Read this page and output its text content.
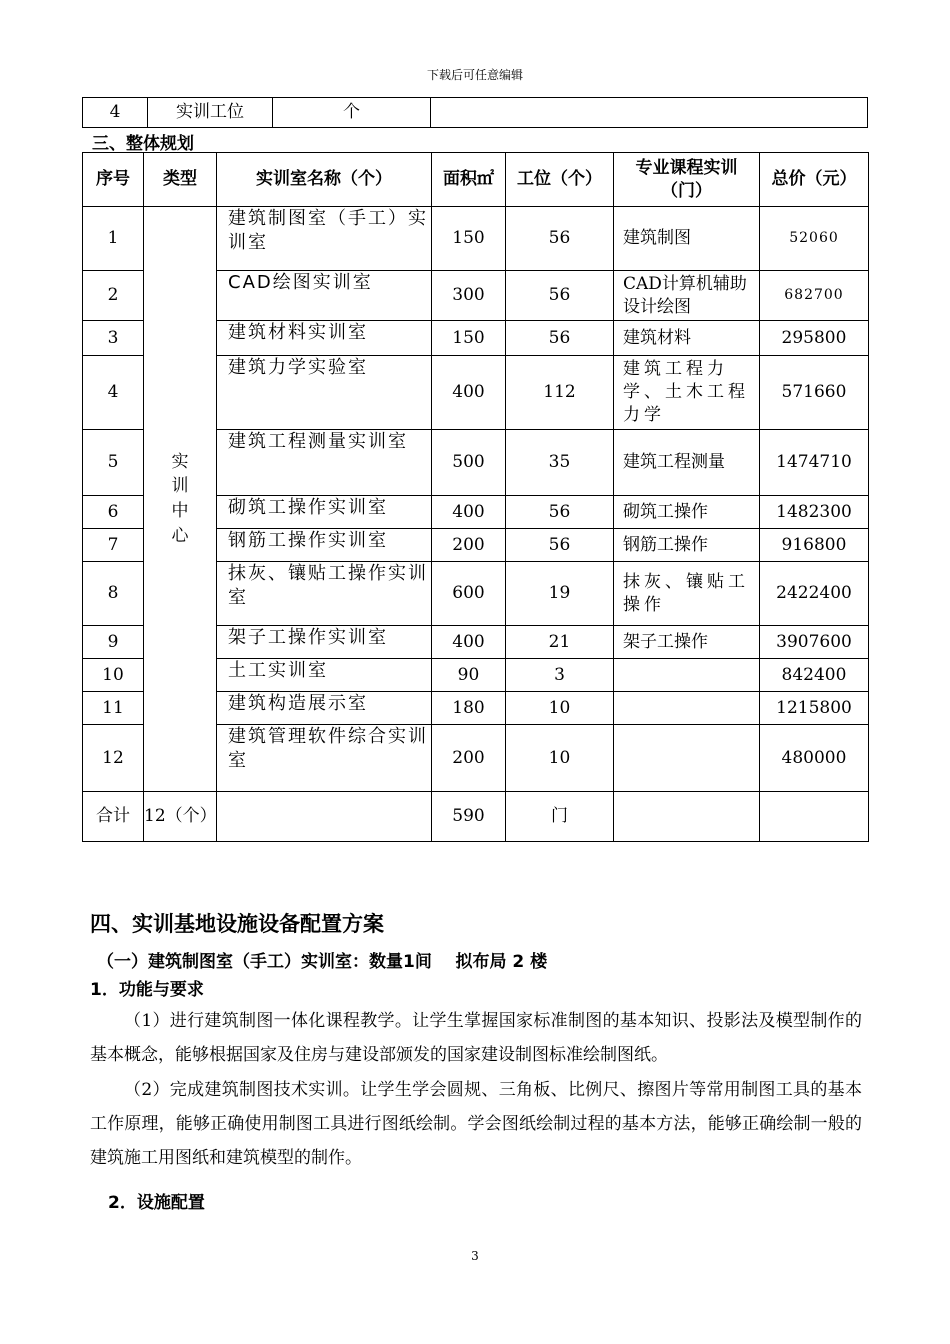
下载后可任意编辑
4	实训工位	个	
三、整体规划
序号	类型	实训室名称（个）	面积㎡	工位（个）	专业课程实训（门）	总价（元）
1	实训中心	建筑制图室（手工）实训室	150	56	建筑制图	52060
2		CAD绘图实训室	300	56	CAD计算机辅助设计绘图	682700
3		建筑材料实训室	150	56	建筑材料	295800
4		建筑力学实验室	400	112	建筑工程力学、土木工程力学	571660
5		建筑工程测量实训室	500	35	建筑工程测量	1474710
6		砌筑工操作实训室	400	56	砌筑工操作	1482300
7		钢筋工操作实训室	200	56	钢筋工操作	916800
8		抹灰、镶贴工操作实训室	600	19	抹灰、镶贴工操作	2422400
9		架子工操作实训室	400	21	架子工操作	3907600
10		土工实训室	90	3		842400
11		建筑构造展示室	180	10		1215800
12		建筑管理软件综合实训室	200	10		480000
合计	12（个）		590	门		
四、实训基地设施设备配置方案
（一）建筑制图室（手工）实训室：数量1间    拟布局 2 楼
1．功能与要求
（1）进行建筑制图一体化课程教学。让学生掌握国家标准制图的基本知识、投影法及模型制作的基本概念，能够根据国家及住房与建设部颁发的国家建设制图标准绘制图纸。
（2）完成建筑制图技术实训。让学生学会圆规、三角板、比例尺、擦图片等常用制图工具的基本工作原理，能够正确使用制图工具进行图纸绘制。学会图纸绘制过程的基本方法，能够正确绘制一般的建筑施工用图纸和建筑模型的制作。
2．设施配置
3
